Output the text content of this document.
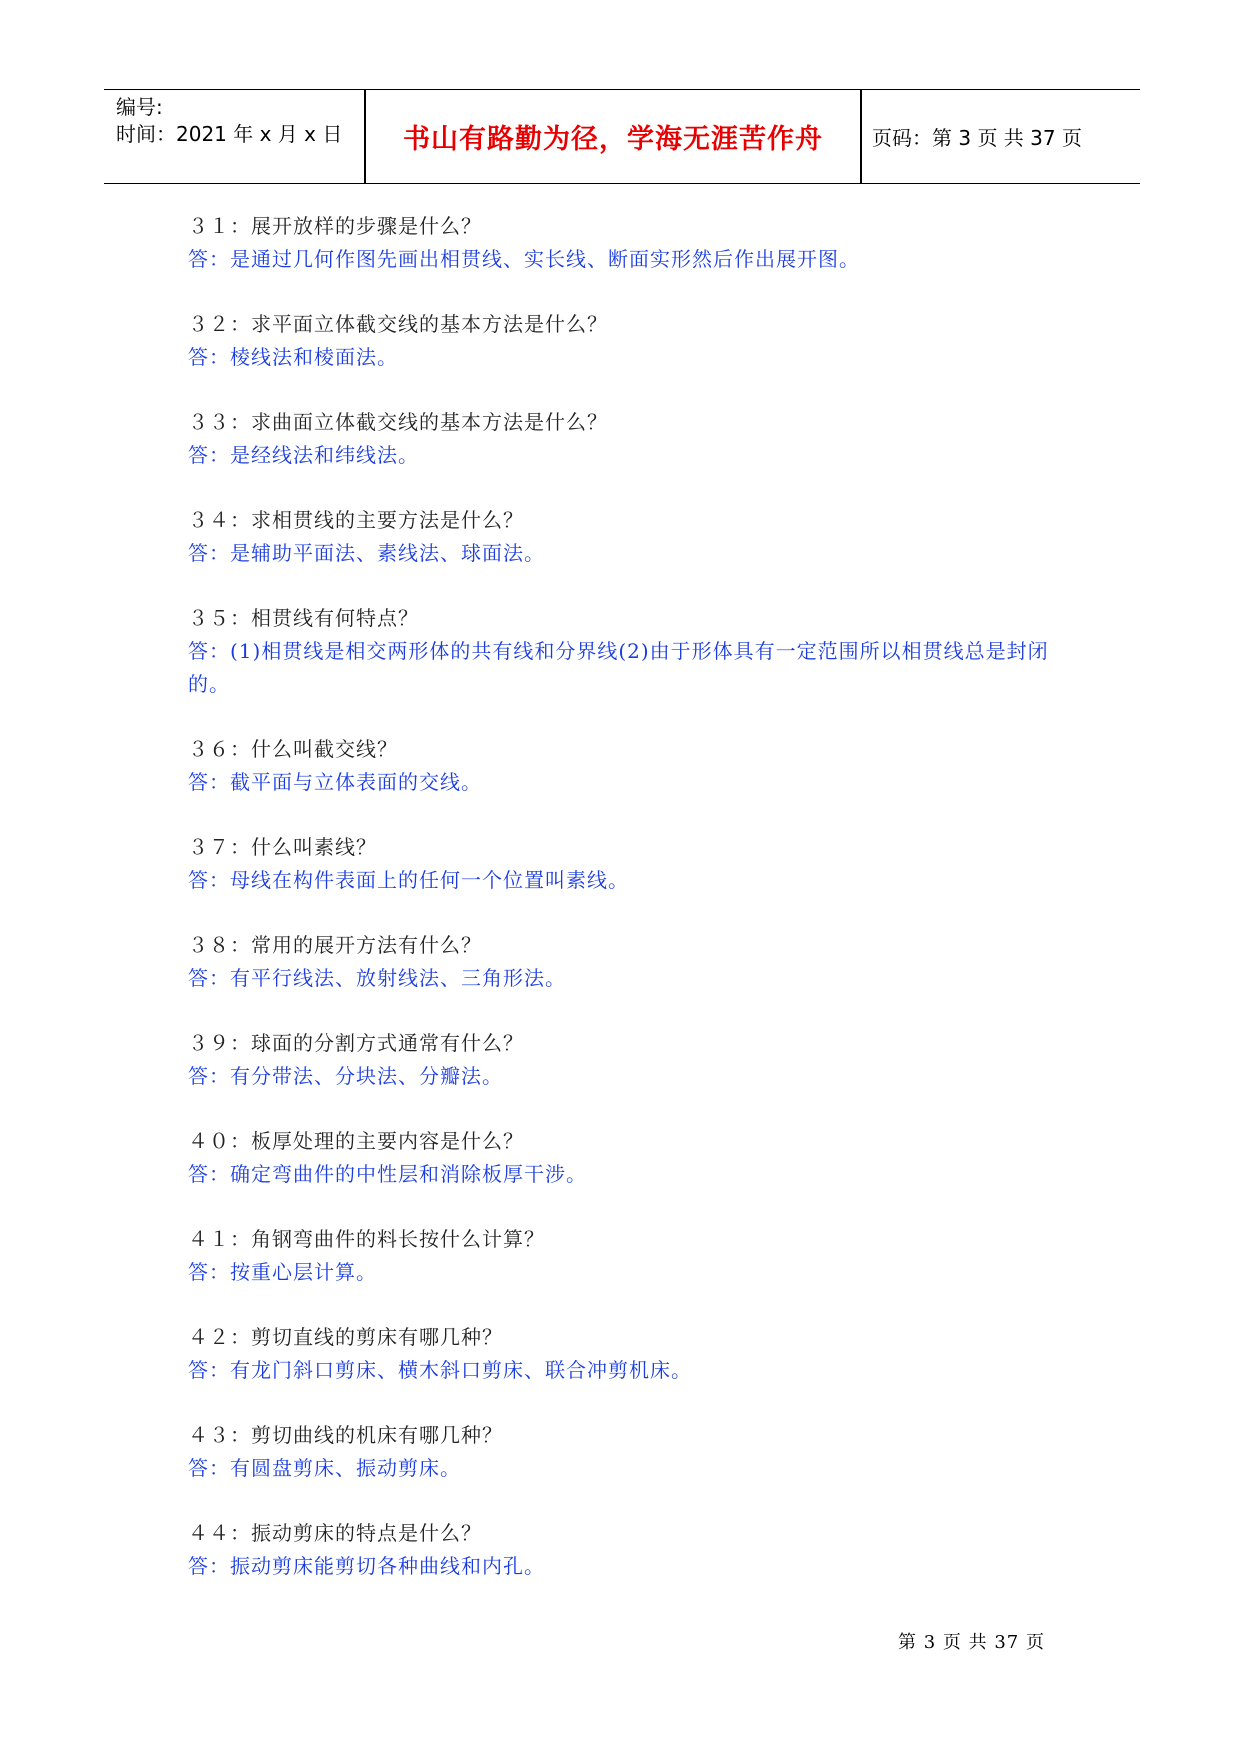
编号:
时间：2021 年 x 月 x 日	书山有路勤为径，学海无涯苦作舟	页码：第 3 页 共 37 页
３１：展开放样的步骤是什么？
答：是通过几何作图先画出相贯线、实长线、断面实形然后作出展开图。
３２：求平面立体截交线的基本方法是什么？
答：棱线法和棱面法。
３３：求曲面立体截交线的基本方法是什么？
答：是经线法和纬线法。
３４：求相贯线的主要方法是什么？
答：是辅助平面法、素线法、球面法。
３５：相贯线有何特点？
答：(1)相贯线是相交两形体的共有线和分界线(2)由于形体具有一定范围所以相贯线总是封闭的。
３６：什么叫截交线？
答：截平面与立体表面的交线。
３７：什么叫素线？
答：母线在构件表面上的任何一个位置叫素线。
３８：常用的展开方法有什么？
答：有平行线法、放射线法、三角形法。
３９：球面的分割方式通常有什么？
答：有分带法、分块法、分瓣法。
４０：板厚处理的主要内容是什么？
答：确定弯曲件的中性层和消除板厚干涉。
４１：角钢弯曲件的料长按什么计算？
答：按重心层计算。
４２：剪切直线的剪床有哪几种？
答：有龙门斜口剪床、横木斜口剪床、联合冲剪机床。
４３：剪切曲线的机床有哪几种？
答：有圆盘剪床、振动剪床。
４４：振动剪床的特点是什么？
答：振动剪床能剪切各种曲线和内孔。
第 3 页 共 37 页
